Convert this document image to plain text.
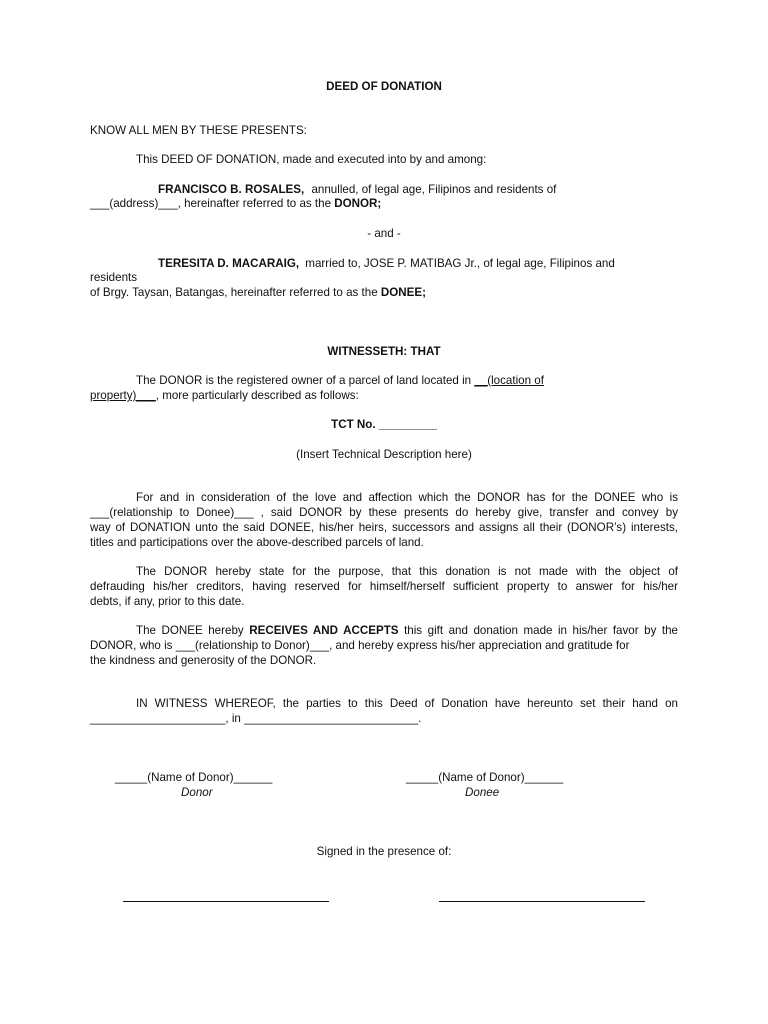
DEED OF DONATION
KNOW ALL MEN BY THESE PRESENTS:
This DEED OF DONATION, made and executed into by and among:
FRANCISCO B. ROSALES, annulled, of legal age, Filipinos and residents of
___(address)___, hereinafter referred to as the DONOR;
- and -
TERESITA D. MACARAIG, married to, JOSE P. MATIBAG Jr., of legal age, Filipinos and
residents
of Brgy. Taysan, Batangas, hereinafter referred to as the DONEE;
WITNESSETH: THAT
The DONOR is the registered owner of a parcel of land located in __(location of
property)___, more particularly described as follows:
TCT No. _________
(Insert Technical Description here)
For and in consideration of the love and affection which the DONOR has for the DONEE who is
___(relationship to Donee)___ , said DONOR by these presents do hereby give, transfer and convey by
way of DONATION unto the said DONEE, his/her heirs, successors and assigns all their (DONOR’s) interests,
titles and participations over the above-described parcels of land.
The DONOR hereby state for the purpose, that this donation is not made with the object of
defrauding his/her creditors, having reserved for himself/herself sufficient property to answer for his/her
debts, if any, prior to this date.
The DONEE hereby RECEIVES AND ACCEPTS this gift and donation made in his/her favor by the
DONOR, who is ___(relationship to Donor)___, and hereby express his/her appreciation and gratitude for
the kindness and generosity of the DONOR.
IN WITNESS WHEREOF, the parties to this Deed of Donation have hereunto set their hand on
_____________________, in ___________________________.
_____(Name of Donor)______
Donor
_____(Name of Donor)______
Donee
Signed in the presence of:
